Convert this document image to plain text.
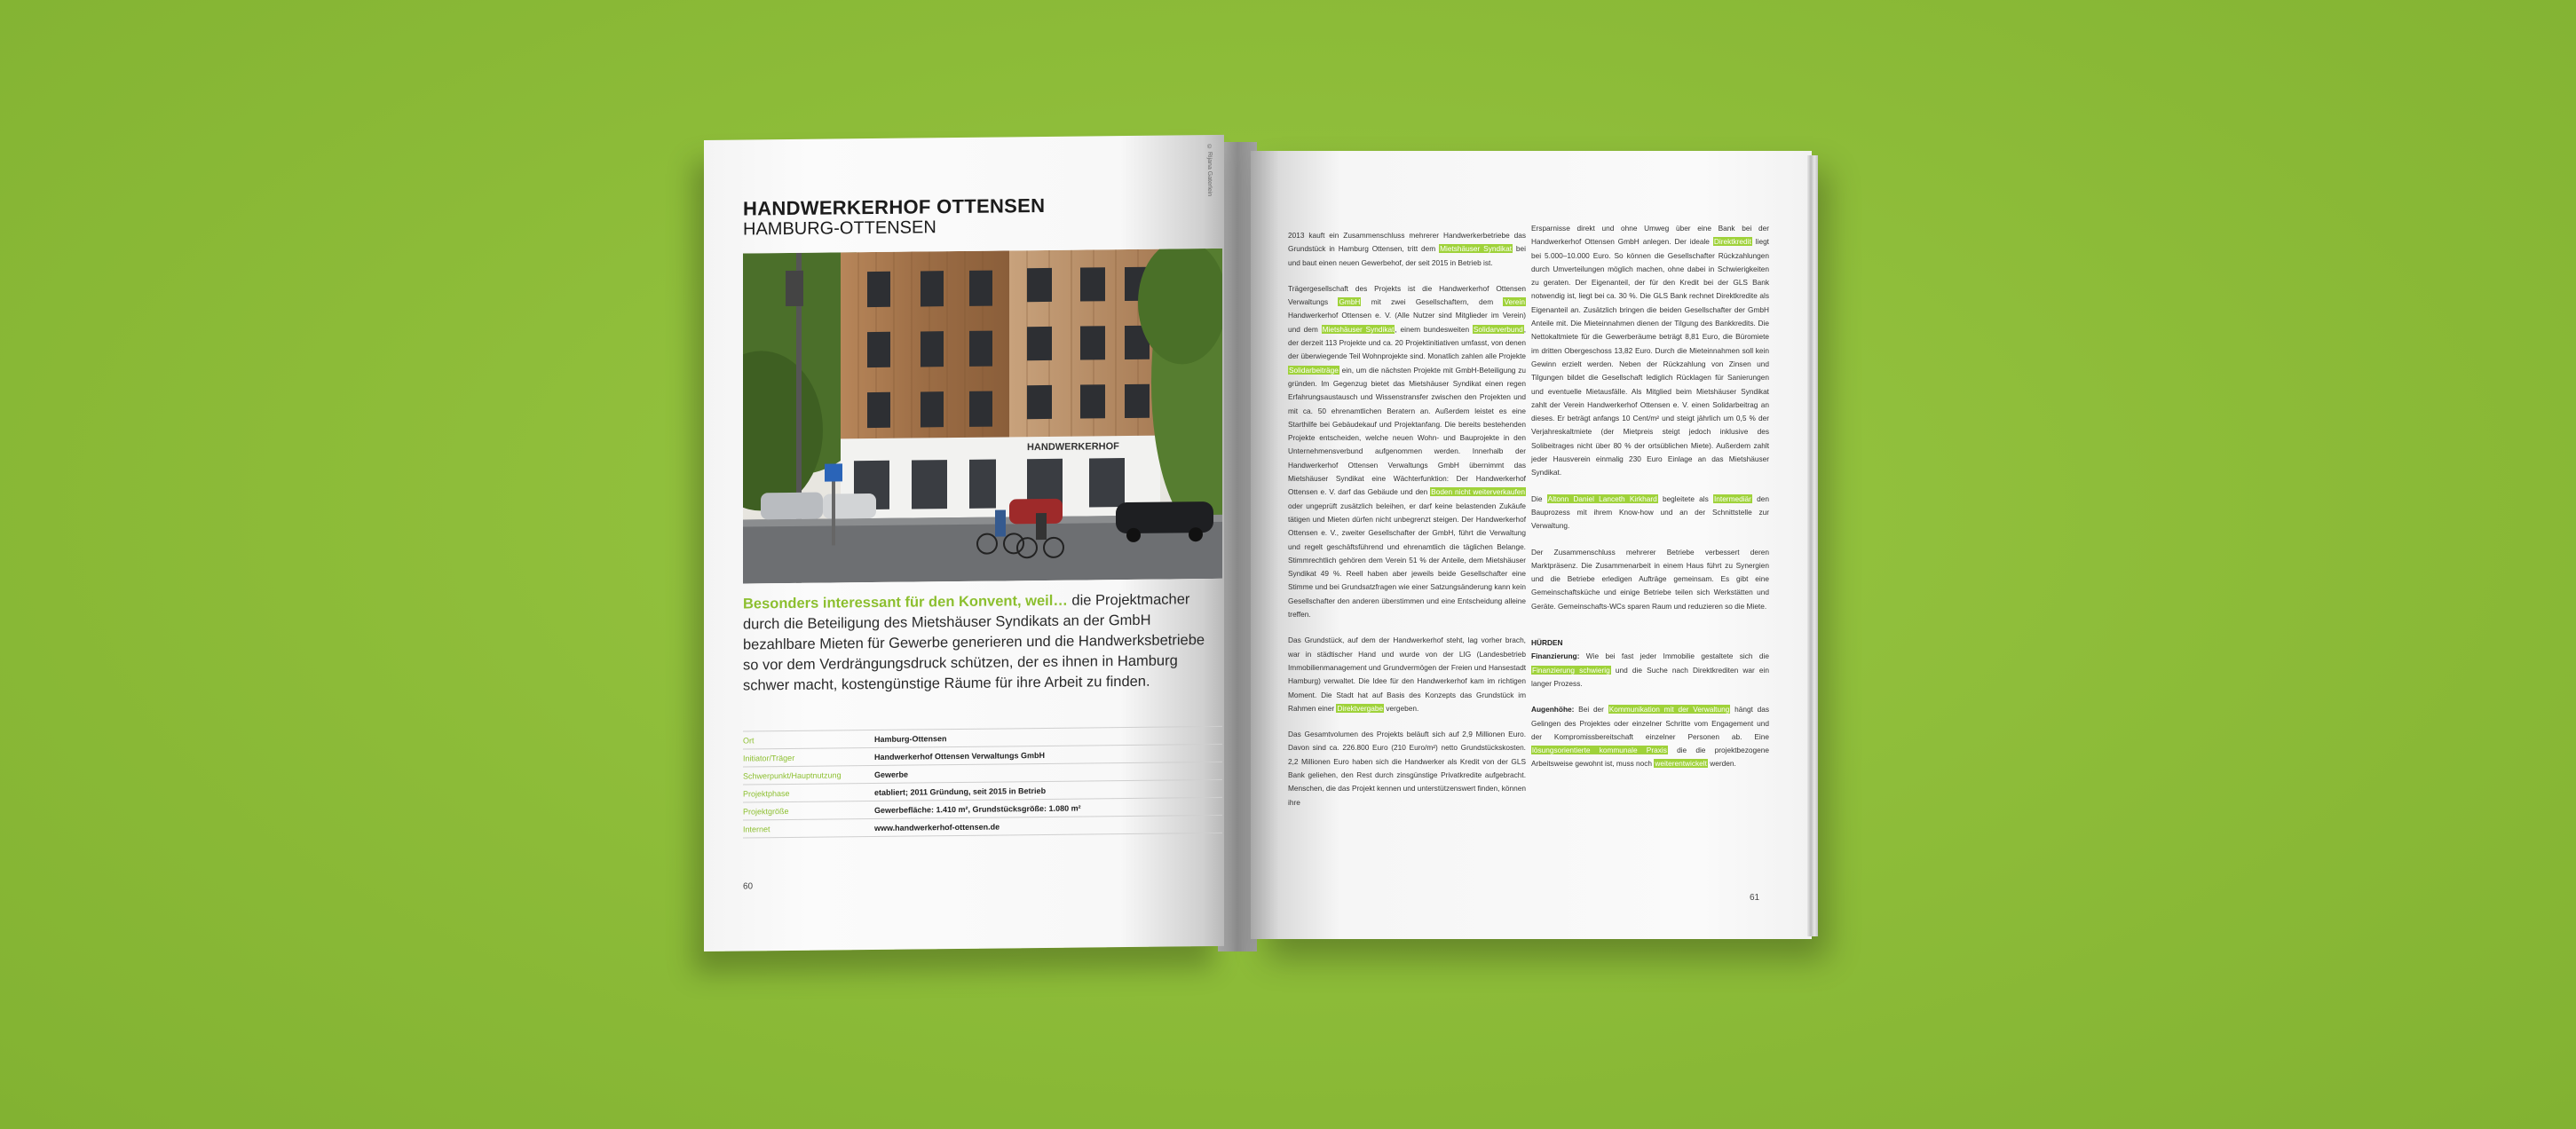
HANDWERKERHOF OTTENSEN
HAMBURG-OTTENSEN
© Rijana Gaterlein
HANDWERKERHOF
Besonders interessant für den Konvent, weil… die Projektmacher durch die Beteiligung des Mietshäuser Syndikats an der GmbH bezahlbare Mieten für Gewerbe generieren und die Handwerksbetriebe so vor dem Verdrängungsdruck schützen, der es ihnen in Hamburg schwer macht, kostengünstige Räume für ihre Arbeit zu finden.
Ort	Hamburg-Ottensen
Initiator/Träger	Handwerkerhof Ottensen Verwaltungs GmbH
Schwerpunkt/Hauptnutzung	Gewerbe
Projektphase	etabliert; 2011 Gründung, seit 2015 in Betrieb
Projektgröße	Gewerbefläche: 1.410 m², Grundstücksgröße: 1.080 m²
Internet	www.handwerkerhof-ottensen.de
60

2013 kauft ein Zusammenschluss mehrerer Handwerkerbetriebe das Grundstück in Hamburg Ottensen, tritt dem Mietshäuser Syndikat bei und baut einen neuen Gewerbehof, der seit 2015 in Betrieb ist.

Trägergesellschaft des Projekts ist die Handwerkerhof Ottensen Verwaltungs GmbH mit zwei Gesellschaftern, dem Verein Handwerkerhof Ottensen e. V. (Alle Nutzer sind Mitglieder im Verein) und dem Mietshäuser Syndikat, einem bundesweiten Solidarverbund, der derzeit 113 Projekte und ca. 20 Projektinitiativen umfasst, von denen der überwiegende Teil Wohnprojekte sind. Monatlich zahlen alle Projekte Solidarbeiträge ein, um die nächsten Projekte mit GmbH-Beteiligung zu gründen. Im Gegenzug bietet das Mietshäuser Syndikat einen regen Erfahrungsaustausch und Wissenstransfer zwischen den Projekten und mit ca. 50 ehrenamtlichen Beratern an. Außerdem leistet es eine Starthilfe bei Gebäudekauf und Projektanfang. Die bereits bestehenden Projekte entscheiden, welche neuen Wohn- und Bauprojekte in den Unternehmensverbund aufgenommen werden. Innerhalb der Handwerkerhof Ottensen Verwaltungs GmbH übernimmt das Mietshäuser Syndikat eine Wächterfunktion: Der Handwerkerhof Ottensen e. V. darf das Gebäude und den Boden nicht weiterverkaufen oder ungeprüft zusätzlich beleihen, er darf keine belastenden Zukäufe tätigen und Mieten dürfen nicht unbegrenzt steigen. Der Handwerkerhof Ottensen e. V., zweiter Gesellschafter der GmbH, führt die Verwaltung und regelt geschäftsführend und ehrenamtlich die täglichen Belange. Stimmrechtlich gehören dem Verein 51 % der Anteile, dem Mietshäuser Syndikat 49 %. Reell haben aber jeweils beide Gesellschafter eine Stimme und bei Grundsatzfragen wie einer Satzungsänderung kann kein Gesellschafter den anderen überstimmen und eine Entscheidung alleine treffen.

Das Grundstück, auf dem der Handwerkerhof steht, lag vorher brach, war in städtischer Hand und wurde von der LIG (Landesbetrieb Immobilienmanagement und Grundvermögen der Freien und Hansestadt Hamburg) verwaltet. Die Idee für den Handwerkerhof kam im richtigen Moment. Die Stadt hat auf Basis des Konzepts das Grundstück im Rahmen einer Direktvergabe vergeben.

Das Gesamtvolumen des Projekts beläuft sich auf 2,9 Millionen Euro. Davon sind ca. 226.800 Euro (210 Euro/m²) netto Grundstückskosten. 2,2 Millionen Euro haben sich die Handwerker als Kredit von der GLS Bank geliehen, den Rest durch zinsgünstige Privatkredite aufgebracht. Menschen, die das Projekt kennen und unterstützenswert finden, können ihre

Ersparnisse direkt und ohne Umweg über eine Bank bei der Handwerkerhof Ottensen GmbH anlegen. Der ideale Direktkredit liegt bei 5.000–10.000 Euro. So können die Gesellschafter Rückzahlungen durch Umverteilungen möglich machen, ohne dabei in Schwierigkeiten zu geraten. Der Eigenanteil, der für den Kredit bei der GLS Bank notwendig ist, liegt bei ca. 30 %. Die GLS Bank rechnet Direktkredite als Eigenanteil an. Zusätzlich bringen die beiden Gesellschafter der GmbH Anteile mit. Die Mieteinnahmen dienen der Tilgung des Bankkredits. Die Nettokaltmiete für die Gewerberäume beträgt 8,81 Euro, die Büromiete im dritten Obergeschoss 13,82 Euro. Durch die Mieteinnahmen soll kein Gewinn erzielt werden. Neben der Rückzahlung von Zinsen und Tilgungen bildet die Gesellschaft lediglich Rücklagen für Sanierungen und eventuelle Mietausfälle. Als Mitglied beim Mietshäuser Syndikat zahlt der Verein Handwerkerhof Ottensen e. V. einen Solidarbeitrag an dieses. Er beträgt anfangs 10 Cent/m² und steigt jährlich um 0,5 % der Verjahreskaltmiete (der Mietpreis steigt jedoch inklusive des Solibeitrages nicht über 80 % der ortsüblichen Miete). Außerdem zahlt jeder Hausverein einmalig 230 Euro Einlage an das Mietshäuser Syndikat.

Die Altonn Daniel Lanceth Kirkhard begleitete als Intermediär den Bauprozess mit ihrem Know-how und an der Schnittstelle zur Verwaltung.

Der Zusammenschluss mehrerer Betriebe verbessert deren Marktpräsenz. Die Zusammenarbeit in einem Haus führt zu Synergien und die Betriebe erledigen Aufträge gemeinsam. Es gibt eine Gemeinschaftsküche und einige Betriebe teilen sich Werkstätten und Geräte. Gemeinschafts-WCs sparen Raum und reduzieren so die Miete.

HÜRDEN

Finanzierung: Wie bei fast jeder Immobilie gestaltete sich die Finanzierung schwierig und die Suche nach Direktkrediten war ein langer Prozess.

Augenhöhe: Bei der Kommunikation mit der Verwaltung hängt das Gelingen des Projektes oder einzelner Schritte vom Engagement und der Kompromissbereitschaft einzelner Personen ab. Eine lösungsorientierte kommunale Praxis die die projektbezogene Arbeitsweise gewohnt ist, muss noch weiterentwickelt werden.

61
